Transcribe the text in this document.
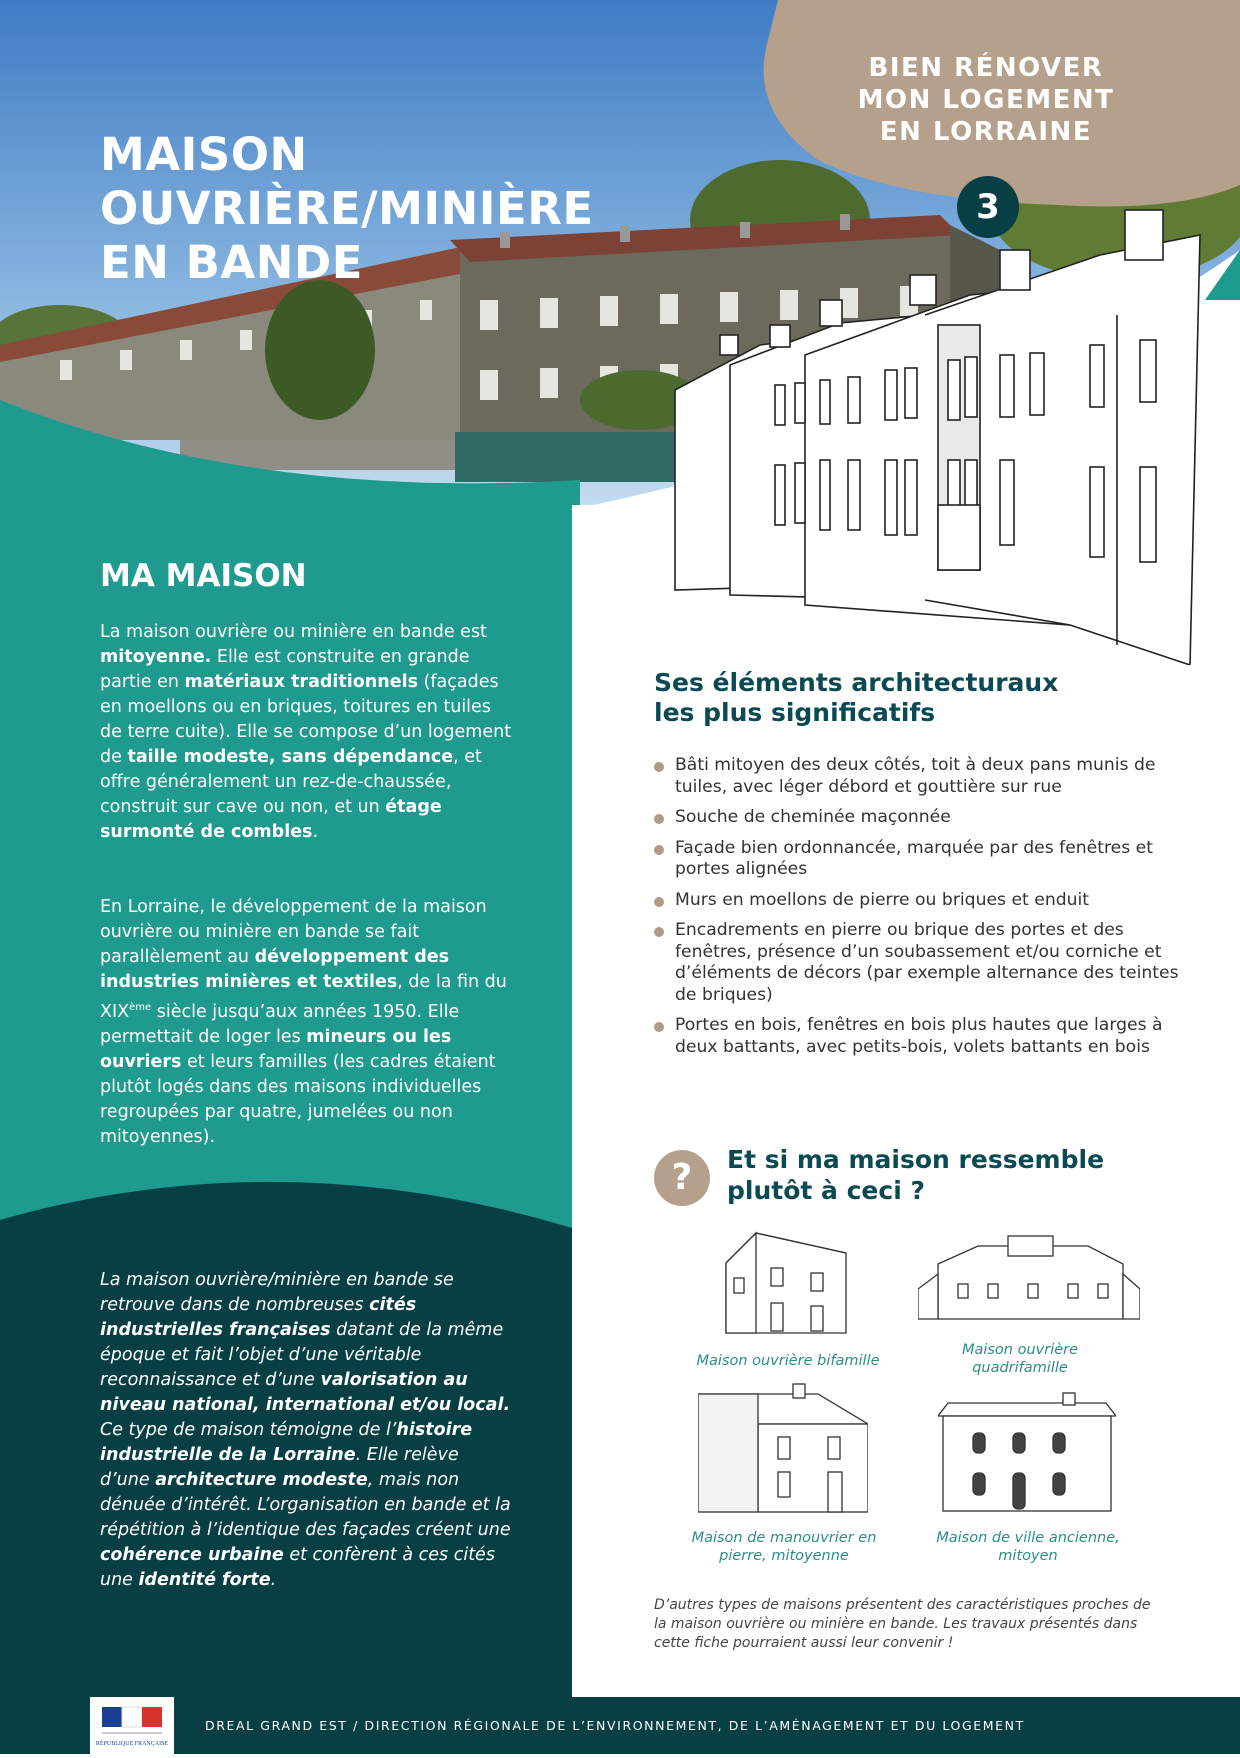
MAISON
OUVRIÈRE/MINIÈRE
EN BANDE
BIEN RÉNOVER
MON LOGEMENT
EN LORRAINE
3
MA MAISON

La maison ouvrière ou minière en bande est mitoyenne. Elle est construite en grande partie en matériaux traditionnels (façades en moellons ou en briques, toitures en tuiles de terre cuite). Elle se compose d’un logement de taille modeste, sans dépendance, et offre généralement un rez-de-chaussée, construit sur cave ou non, et un étage surmonté de combles.

En Lorraine, le développement de la maison ouvrière ou minière en bande se fait parallèlement au développement des industries minières et textiles, de la fin du XIXème siècle jusqu’aux années 1950. Elle permettait de loger les mineurs ou les ouvriers et leurs familles (les cadres étaient plutôt logés dans des maisons individuelles regroupées par quatre, jumelées ou non mitoyennes).

La maison ouvrière/minière en bande se retrouve dans de nombreuses cités industrielles françaises datant de la même époque et fait l’objet d’une véritable reconnaissance et d’une valorisation au niveau national, international et/ou local.
Ce type de maison témoigne de l’histoire industrielle de la Lorraine. Elle relève d’une architecture modeste, mais non dénuée d’intérêt. L’organisation en bande et la répétition à l’identique des façades créent une cohérence urbaine et confèrent à ces cités une identité forte.

Ses éléments architecturaux
les plus significatifs
Bâti mitoyen des deux côtés, toit à deux pans munis de tuiles, avec léger débord et gouttière sur rue
Souche de cheminée maçonnée
Façade bien ordonnancée, marquée par des fenêtres et portes alignées
Murs en moellons de pierre ou briques et enduit
Encadrements en pierre ou brique des portes et des fenêtres, présence d’un soubassement et/ou corniche et d’éléments de décors (par exemple alternance des teintes de briques)
Portes en bois, fenêtres en bois plus hautes que larges à deux battants, avec petits-bois, volets battants en bois
?	Et si ma maison ressemble
plutôt à ceci ?
Maison ouvrière bifamille
Maison ouvrière quadrifamille
Maison de manouvrier en pierre, mitoyenne
Maison de ville ancienne, mitoyen

D’autres types de maisons présentent des caractéristiques proches de la maison ouvrière ou minière en bande. Les travaux présentés dans cette fiche pourraient aussi leur convenir !

RÉPUBLIQUE FRANÇAISE

DREAL GRAND EST / DIRECTION RÉGIONALE DE L’ENVIRONNEMENT, DE L’AMÉNAGEMENT ET DU LOGEMENT
